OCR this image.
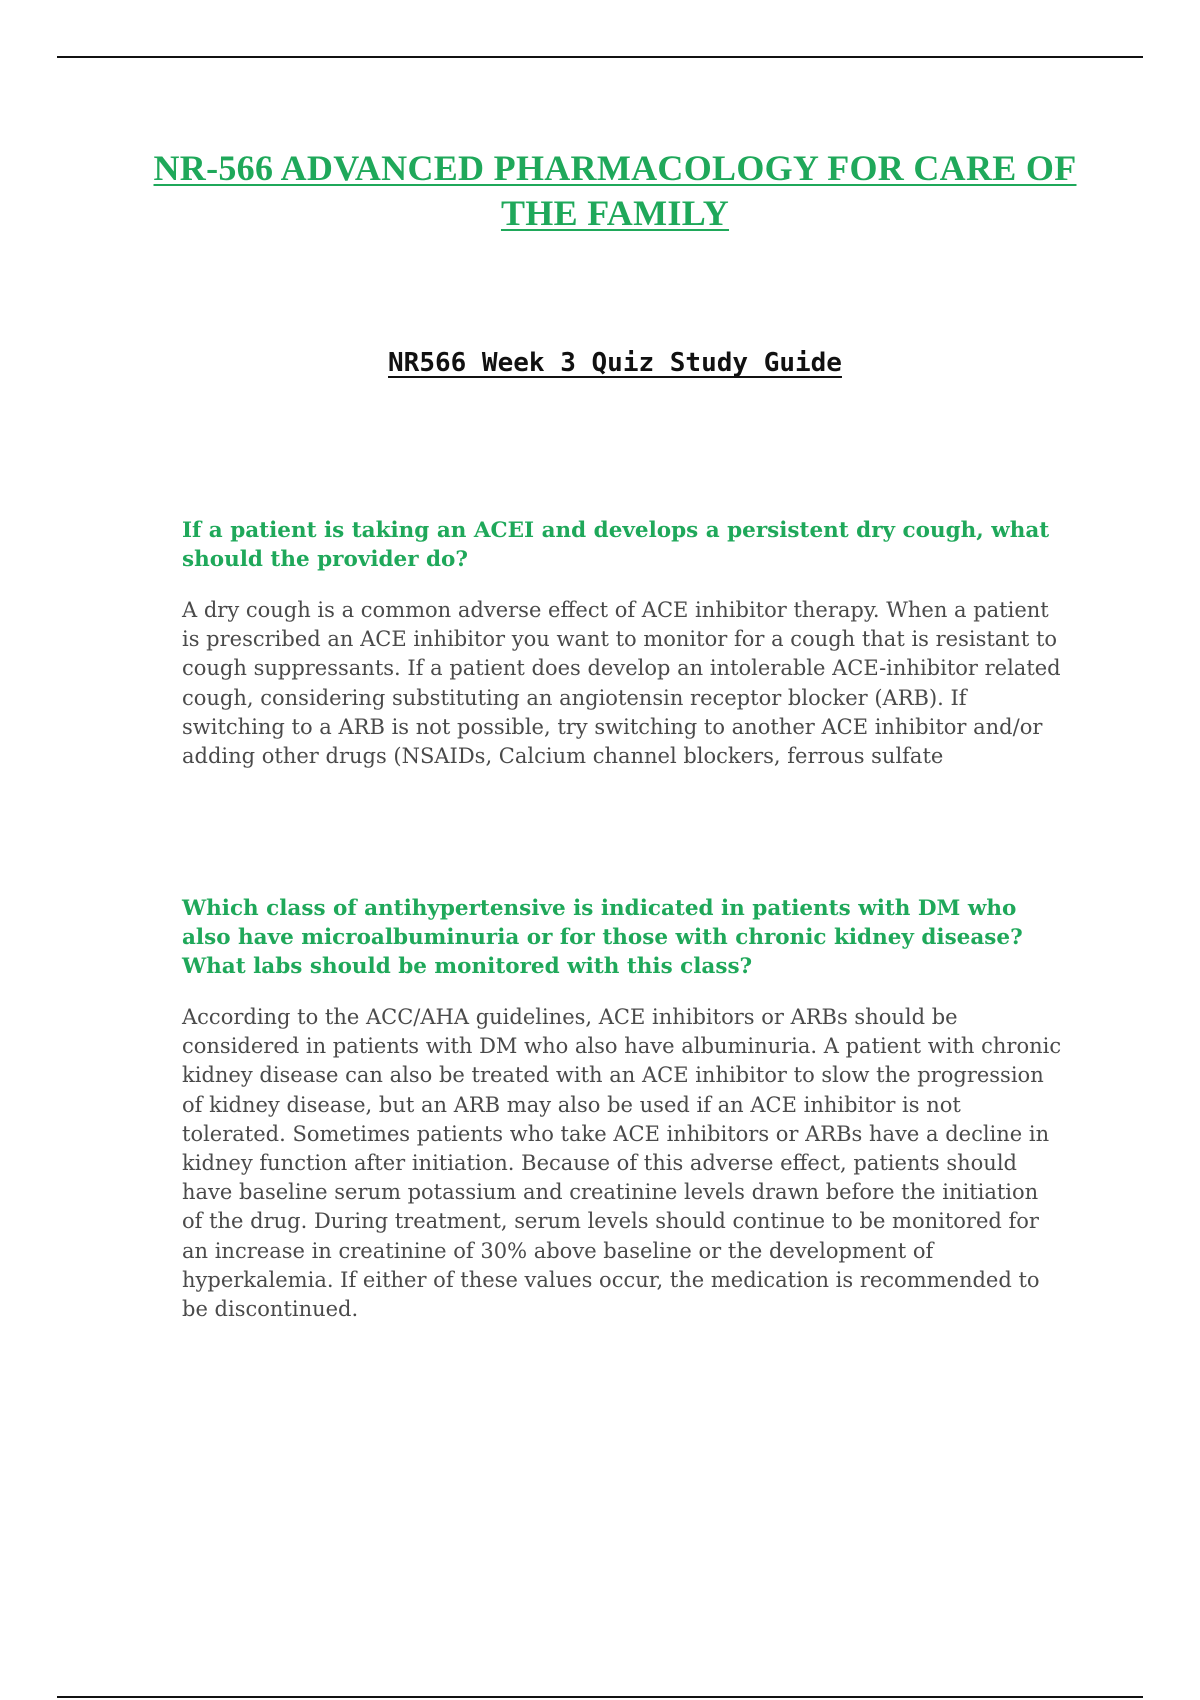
NR-566 ADVANCED PHARMACOLOGY FOR CARE OF THE FAMILY
NR566 Week 3 Quiz Study Guide

If a patient is taking an ACEI and develops a persistent dry cough, what should the provider do?

A dry cough is a common adverse effect of ACE inhibitor therapy. When a patient is prescribed an ACE inhibitor you want to monitor for a cough that is resistant to cough suppressants. If a patient does develop an intolerable ACE-inhibitor related cough, considering substituting an angiotensin receptor blocker (ARB). If switching to a ARB is not possible, try switching to another ACE inhibitor and/or adding other drugs (NSAIDs, Calcium channel blockers, ferrous sulfate

Which class of antihypertensive is indicated in patients with DM who also have microalbuminuria or for those with chronic kidney disease? What labs should be monitored with this class?

According to the ACC/AHA guidelines, ACE inhibitors or ARBs should be considered in patients with DM who also have albuminuria. A patient with chronic kidney disease can also be treated with an ACE inhibitor to slow the progression of kidney disease, but an ARB may also be used if an ACE inhibitor is not tolerated. Sometimes patients who take ACE inhibitors or ARBs have a decline in kidney function after initiation. Because of this adverse effect, patients should have baseline serum potassium and creatinine levels drawn before the initiation of the drug. During treatment, serum levels should continue to be monitored for an increase in creatinine of 30% above baseline or the development of hyperkalemia. If either of these values occur, the medication is recommended to be discontinued.
